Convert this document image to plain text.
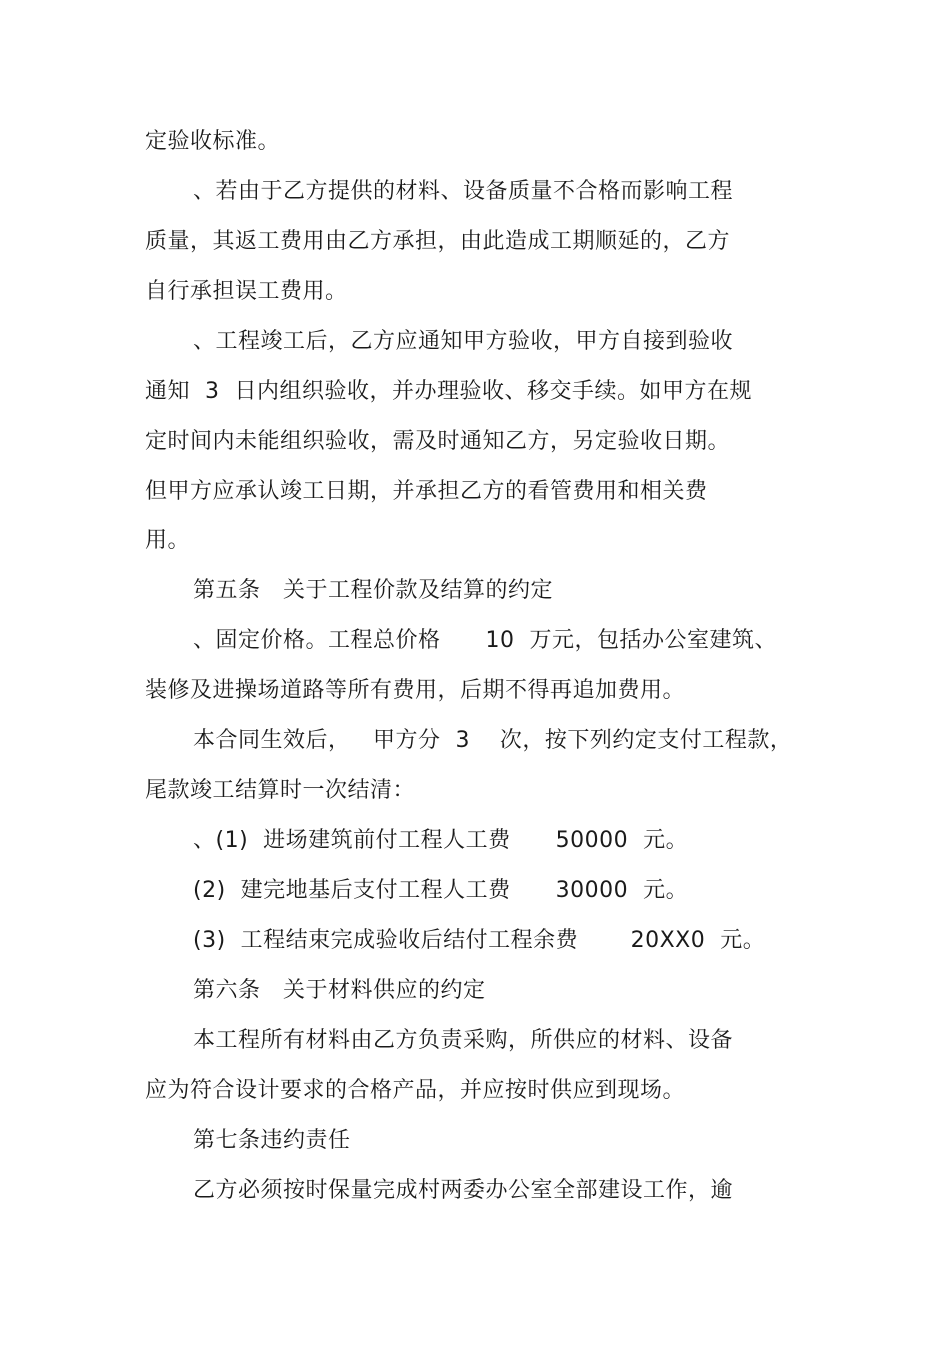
定验收标准。
、若由于乙方提供的材料、设备质量不合格而影响工程
质量，其返工费用由乙方承担，由此造成工期顺延的，乙方
自行承担误工费用。
、工程竣工后，乙方应通知甲方验收，甲方自接到验收
通知  3  日内组织验收，并办理验收、移交手续。如甲方在规
定时间内未能组织验收，需及时通知乙方，另定验收日期。
但甲方应承认竣工日期，并承担乙方的看管费用和相关费
用。
第五条   关于工程价款及结算的约定
、固定价格。工程总价格      10  万元，包括办公室建筑、
装修及进操场道路等所有费用，后期不得再追加费用。
本合同生效后，   甲方分  3    次，按下列约定支付工程款，
尾款竣工结算时一次结清：
、(1)  进场建筑前付工程人工费      50000  元。
(2)  建完地基后支付工程人工费      30000  元。
(3)  工程结束完成验收后结付工程余费       20XX0  元。
第六条   关于材料供应的约定
本工程所有材料由乙方负责采购，所供应的材料、设备
应为符合设计要求的合格产品，并应按时供应到现场。
第七条违约责任
乙方必须按时保量完成村两委办公室全部建设工作，逾
